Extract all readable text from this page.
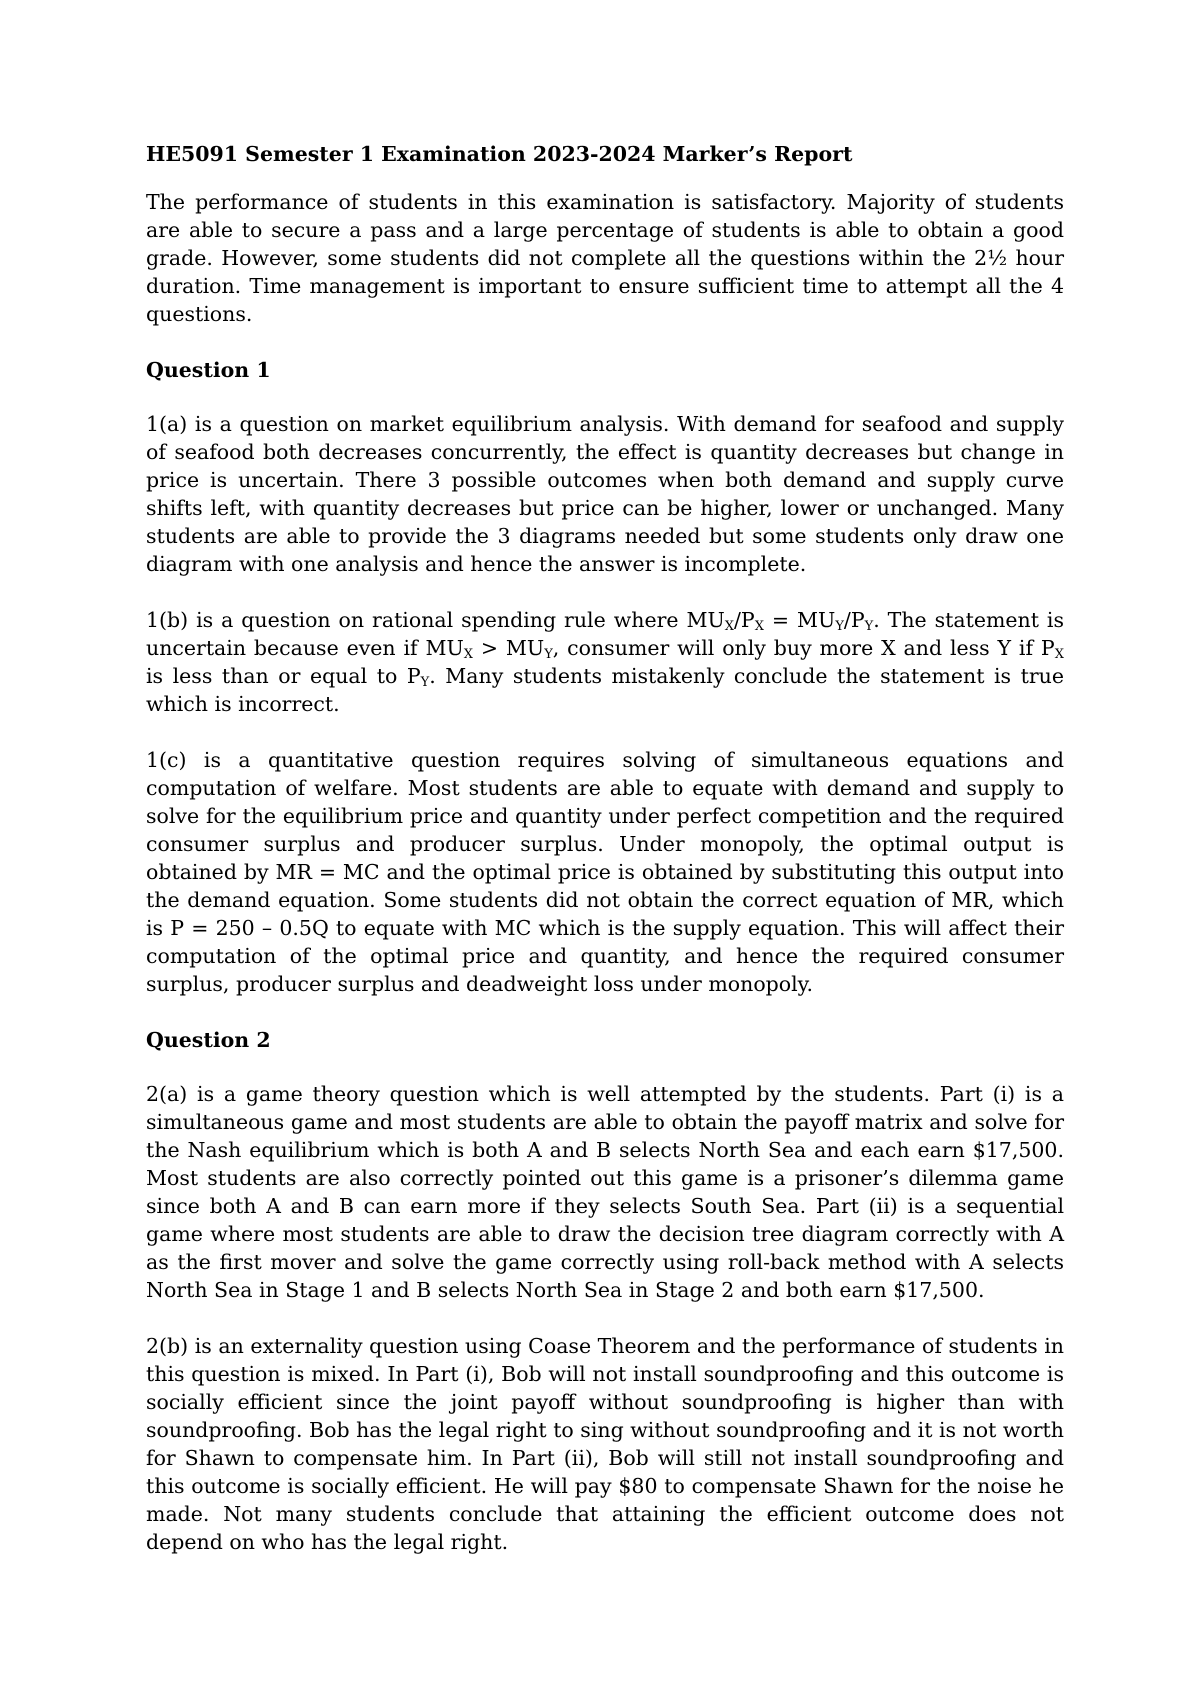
HE5091 Semester 1 Examination 2023-2024 Marker’s Report
The performance of students in this examination is satisfactory. Majority of students are able to secure a pass and a large percentage of students is able to obtain a good grade. However, some students did not complete all the questions within the 2½ hour duration. Time management is important to ensure sufficient time to attempt all the 4 questions.
Question 1
1(a) is a question on market equilibrium analysis. With demand for seafood and supply of seafood both decreases concurrently, the effect is quantity decreases but change in price is uncertain. There 3 possible outcomes when both demand and supply curve shifts left, with quantity decreases but price can be higher, lower or unchanged. Many students are able to provide the 3 diagrams needed but some students only draw one diagram with one analysis and hence the answer is incomplete.
1(b) is a question on rational spending rule where $MU_X/P_X = MU_Y/P_Y$. The statement is uncertain because even if $MU_X > MU_Y$, consumer will only buy more X and less Y if $P_X$ is less than or equal to $P_Y$. Many students mistakenly conclude the statement is true which is incorrect.
1(c) is a quantitative question requires solving of simultaneous equations and computation of welfare. Most students are able to equate with demand and supply to solve for the equilibrium price and quantity under perfect competition and the required consumer surplus and producer surplus. Under monopoly, the optimal output is obtained by MR = MC and the optimal price is obtained by substituting this output into the demand equation. Some students did not obtain the correct equation of MR, which is P = 250 – 0.5Q to equate with MC which is the supply equation. This will affect their computation of the optimal price and quantity, and hence the required consumer surplus, producer surplus and deadweight loss under monopoly.
Question 2
2(a) is a game theory question which is well attempted by the students. Part (i) is a simultaneous game and most students are able to obtain the payoff matrix and solve for the Nash equilibrium which is both A and B selects North Sea and each earn $17,500. Most students are also correctly pointed out this game is a prisoner’s dilemma game since both A and B can earn more if they selects South Sea. Part (ii) is a sequential game where most students are able to draw the decision tree diagram correctly with A as the first mover and solve the game correctly using roll-back method with A selects North Sea in Stage 1 and B selects North Sea in Stage 2 and both earn $17,500.
2(b) is an externality question using Coase Theorem and the performance of students in this question is mixed. In Part (i), Bob will not install soundproofing and this outcome is socially efficient since the joint payoff without soundproofing is higher than with soundproofing. Bob has the legal right to sing without soundproofing and it is not worth for Shawn to compensate him. In Part (ii), Bob will still not install soundproofing and this outcome is socially efficient. He will pay $80 to compensate Shawn for the noise he made. Not many students conclude that attaining the efficient outcome does not depend on who has the legal right.
